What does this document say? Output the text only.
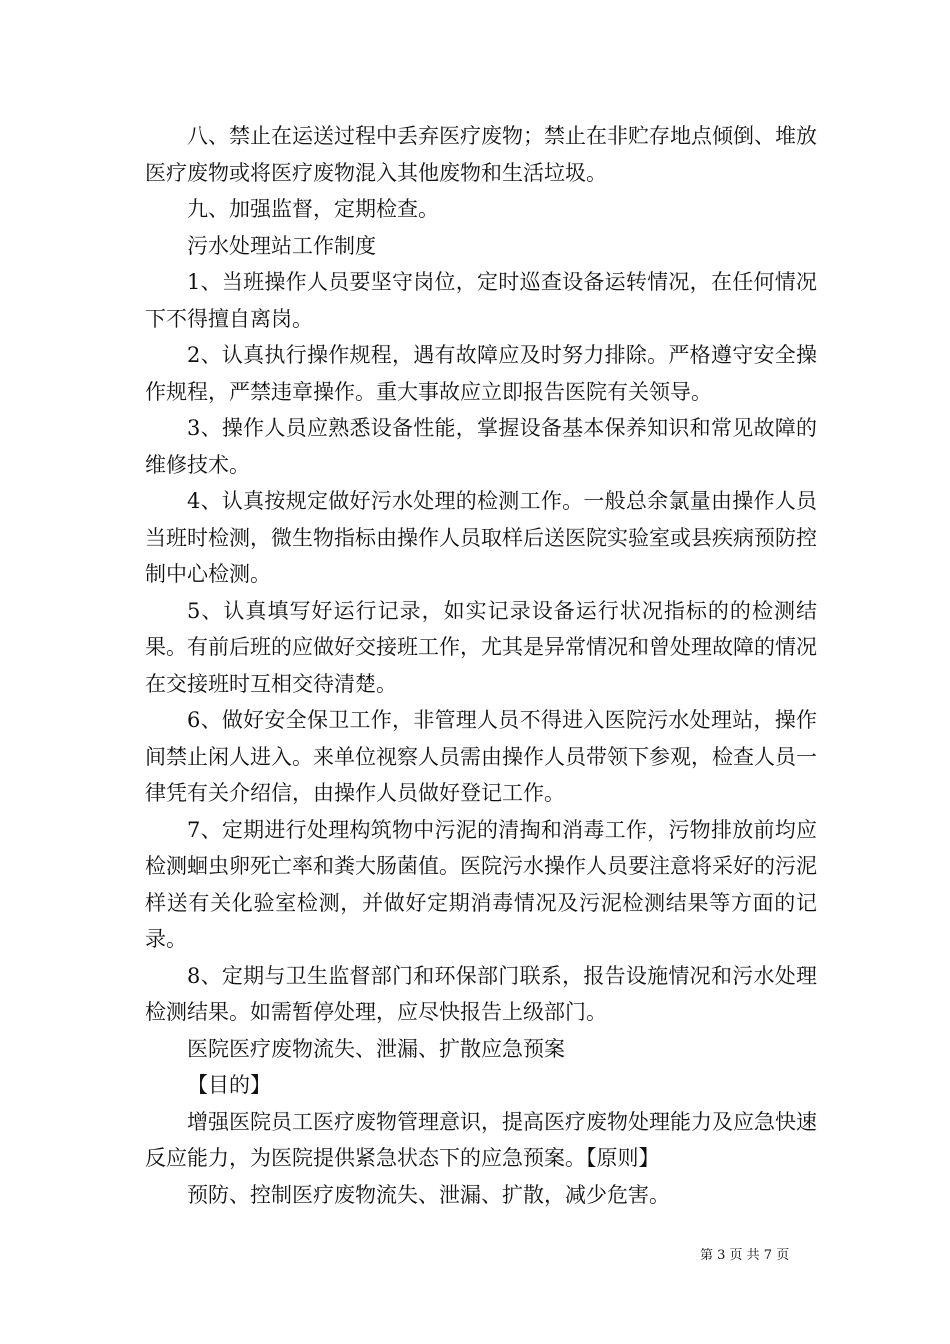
八、禁止在运送过程中丢弃医疗废物；禁止在非贮存地点倾倒、堆放医疗废物或将医疗废物混入其他废物和生活垃圾。

九、加强监督，定期检查。

污水处理站工作制度

1、当班操作人员要坚守岗位，定时巡查设备运转情况，在任何情况下不得擅自离岗。

2、认真执行操作规程，遇有故障应及时努力排除。严格遵守安全操作规程，严禁违章操作。重大事故应立即报告医院有关领导。

3、操作人员应熟悉设备性能，掌握设备基本保养知识和常见故障的维修技术。

4、认真按规定做好污水处理的检测工作。一般总余氯量由操作人员当班时检测，微生物指标由操作人员取样后送医院实验室或县疾病预防控制中心检测。

5、认真填写好运行记录，如实记录设备运行状况指标的的检测结果。有前后班的应做好交接班工作，尤其是异常情况和曾处理故障的情况在交接班时互相交待清楚。

6、做好安全保卫工作，非管理人员不得进入医院污水处理站，操作间禁止闲人进入。来单位视察人员需由操作人员带领下参观，检查人员一律凭有关介绍信，由操作人员做好登记工作。

7、定期进行处理构筑物中污泥的清掏和消毒工作，污物排放前均应检测蛔虫卵死亡率和粪大肠菌值。医院污水操作人员要注意将采好的污泥样送有关化验室检测，并做好定期消毒情况及污泥检测结果等方面的记录。

8、定期与卫生监督部门和环保部门联系，报告设施情况和污水处理检测结果。如需暂停处理，应尽快报告上级部门。

医院医疗废物流失、泄漏、扩散应急预案

【目的】

增强医院员工医疗废物管理意识，提高医疗废物处理能力及应急快速反应能力，为医院提供紧急状态下的应急预案。【原则】

预防、控制医疗废物流失、泄漏、扩散，减少危害。

第 3 页 共 7 页
